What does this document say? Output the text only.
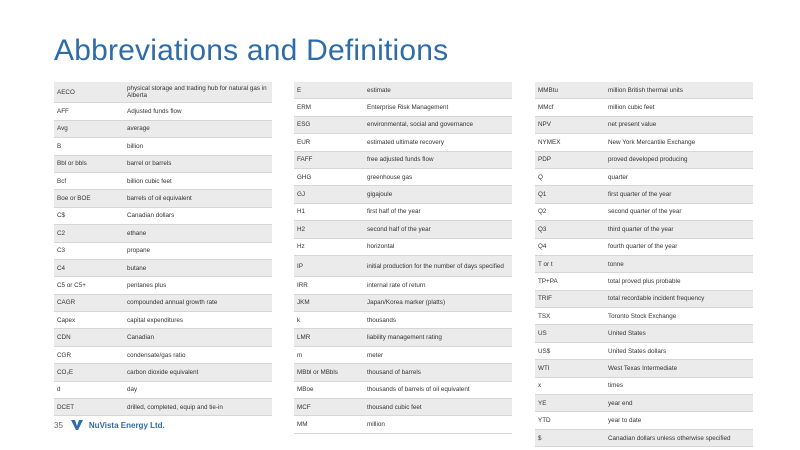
Abbreviations and Definitions
AECO	physical storage and trading hub for natural gas in Alberta
AFF	Adjusted funds flow
Avg	average
B	billion
Bbl or bbls	barrel or barrels
Bcf	billion cubic feet
Boe or BOE	barrels of oil equivalent
C$	Canadian dollars
C2	ethane
C3	propane
C4	butane
C5 or C5+	pentanes plus
CAGR	compounded annual growth rate
Capex	capital expenditures
CDN	Canadian
CGR	condensate/gas ratio
CO₂E	carbon dioxide equivalent
d	day
DCET	drilled, completed, equip and tie-in
E	estimate
ERM	Enterprise Risk Management
ESG	environmental, social and governance
EUR	estimated ultimate recovery
FAFF	free adjusted funds flow
GHG	greenhouse gas
GJ	gigajoule
H1	first half of the year
H2	second half of the year
Hz	horizontal
IP	initial production for the number of days specified
IRR	internal rate of return
JKM	Japan/Korea marker (platts)
k	thousands
LMR	liability management rating
m	meter
MBbl or MBbls	thousand of barrels
MBoe	thousands of barrels of oil equivalent
MCF	thousand cubic feet
MM	million
MMBtu	million British thermal units
MMcf	million cubic feet
NPV	net present value
NYMEX	New York Mercantile Exchange
PDP	proved developed producing
Q	quarter
Q1	first quarter of the year
Q2	second quarter of the year
Q3	third quarter of the year
Q4	fourth quarter of the year
T or t	tonne
TP+PA	total proved plus probable
TRIF	total recordable incident frequency
TSX	Toronto Stock Exchange
US	United States
US$	United States dollars
WTI	West Texas Intermediate
x	times
YE	year end
YTD	year to date
$	Canadian dollars unless otherwise specified
35	NuVista Energy Ltd.
